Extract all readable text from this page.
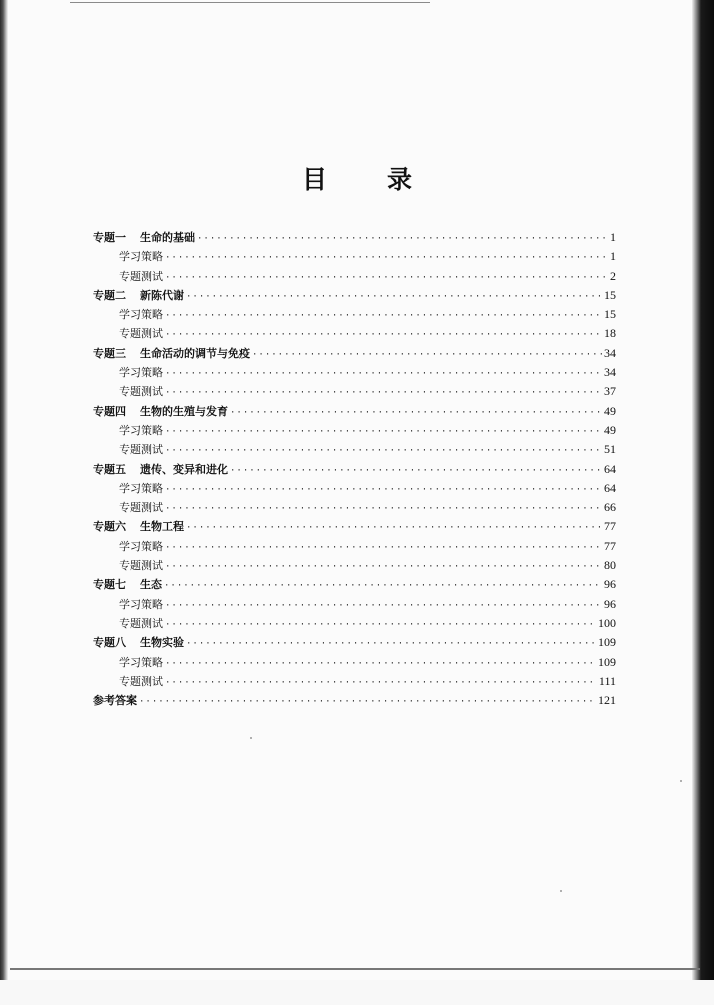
目 录
专题一 生命的基础 ·····	1
学习策略 ·····	1
专题测试 ·····	2
专题二 新陈代谢 ·····	15
学习策略 ·····	15
专题测试 ·····	18
专题三 生命活动的调节与免疫 ·····	34
学习策略 ·····	34
专题测试 ·····	37
专题四 生物的生殖与发育 ·····	49
学习策略 ·····	49
专题测试 ·····	51
专题五 遗传、变异和进化 ·····	64
学习策略 ·····	64
专题测试 ·····	66
专题六 生物工程 ·····	77
学习策略 ·····	77
专题测试 ·····	80
专题七 生态 ·····	96
学习策略 ·····	96
专题测试 ·····	100
专题八 生物实验 ·····	109
学习策略 ·····	109
专题测试 ·····	111
参考答案 ·····	121
